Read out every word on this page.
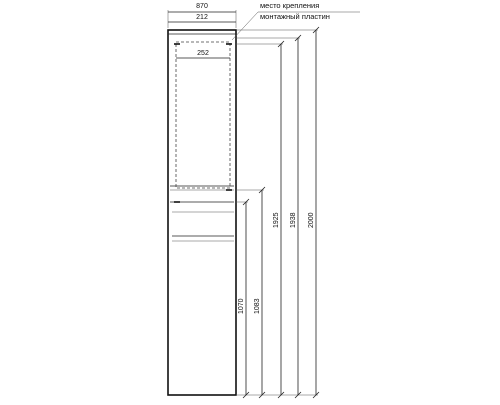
870
212
252
место крепления
монтажный пластин
2000
1938
1925
1083
1070
